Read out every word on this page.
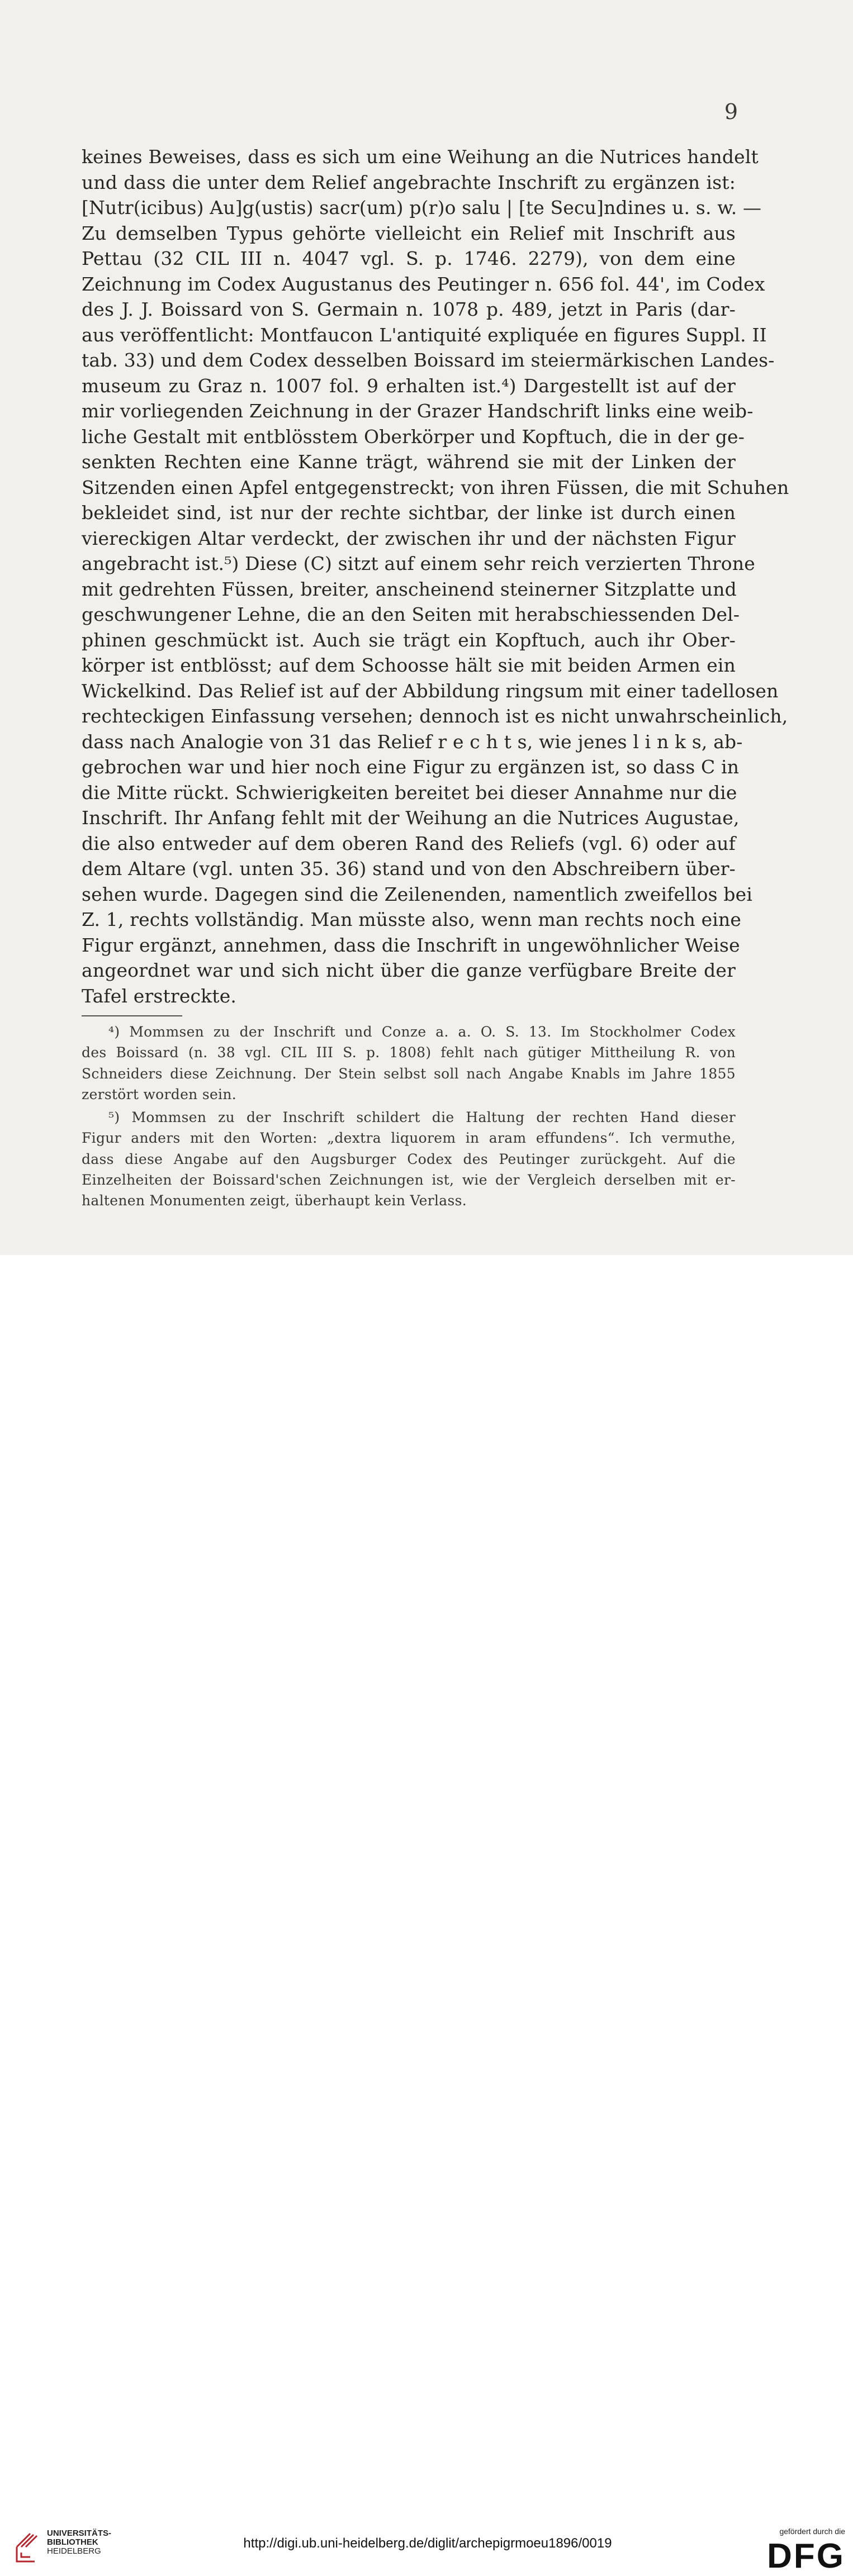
9
keines Beweises, dass es sich um eine Weihung an die Nutrices handelt
und dass die unter dem Relief angebrachte Inschrift zu ergänzen ist:
[Nutr(icibus) Au]g(ustis) sacr(um) p(r)o salu | [te Secu]ndines u. s. w. —
Zu demselben Typus gehörte vielleicht ein Relief mit Inschrift aus
Pettau (32 CIL III n. 4047 vgl. S. p. 1746. 2279), von dem eine
Zeichnung im Codex Augustanus des Peutinger n. 656 fol. 44', im Codex
des J. J. Boissard von S. Germain n. 1078 p. 489, jetzt in Paris (dar-
aus veröffentlicht: Montfaucon L'antiquité expliquée en figures Suppl. II
tab. 33) und dem Codex desselben Boissard im steiermärkischen Landes-
museum zu Graz n. 1007 fol. 9 erhalten ist.⁴) Dargestellt ist auf der
mir vorliegenden Zeichnung in der Grazer Handschrift links eine weib-
liche Gestalt mit entblösstem Oberkörper und Kopftuch, die in der ge-
senkten Rechten eine Kanne trägt, während sie mit der Linken der
Sitzenden einen Apfel entgegenstreckt; von ihren Füssen, die mit Schuhen
bekleidet sind, ist nur der rechte sichtbar, der linke ist durch einen
viereckigen Altar verdeckt, der zwischen ihr und der nächsten Figur
angebracht ist.⁵) Diese (C) sitzt auf einem sehr reich verzierten Throne
mit gedrehten Füssen, breiter, anscheinend steinerner Sitzplatte und
geschwungener Lehne, die an den Seiten mit herabschiessenden Del-
phinen geschmückt ist. Auch sie trägt ein Kopftuch, auch ihr Ober-
körper ist entblösst; auf dem Schoosse hält sie mit beiden Armen ein
Wickelkind. Das Relief ist auf der Abbildung ringsum mit einer tadellosen
rechteckigen Einfassung versehen; dennoch ist es nicht unwahrscheinlich,
dass nach Analogie von 31 das Relief r e c h t s, wie jenes l i n k s, ab-
gebrochen war und hier noch eine Figur zu ergänzen ist, so dass C in
die Mitte rückt. Schwierigkeiten bereitet bei dieser Annahme nur die
Inschrift. Ihr Anfang fehlt mit der Weihung an die Nutrices Augustae,
die also entweder auf dem oberen Rand des Reliefs (vgl. 6) oder auf
dem Altare (vgl. unten 35. 36) stand und von den Abschreibern über-
sehen wurde. Dagegen sind die Zeilenenden, namentlich zweifellos bei
Z. 1, rechts vollständig. Man müsste also, wenn man rechts noch eine
Figur ergänzt, annehmen, dass die Inschrift in ungewöhnlicher Weise
angeordnet war und sich nicht über die ganze verfügbare Breite der
Tafel erstreckte.
⁴) Mommsen zu der Inschrift und Conze a. a. O. S. 13. Im Stockholmer Codex
des Boissard (n. 38 vgl. CIL III S. p. 1808) fehlt nach gütiger Mittheilung R. von
Schneiders diese Zeichnung. Der Stein selbst soll nach Angabe Knabls im Jahre 1855
zerstört worden sein.
⁵) Mommsen zu der Inschrift schildert die Haltung der rechten Hand dieser
Figur anders mit den Worten: „dextra liquorem in aram effundens“. Ich vermuthe,
dass diese Angabe auf den Augsburger Codex des Peutinger zurückgeht. Auf die
Einzelheiten der Boissard'schen Zeichnungen ist, wie der Vergleich derselben mit er-
haltenen Monumenten zeigt, überhaupt kein Verlass.
UNIVERSITÄTS-
BIBLIOTHEK
HEIDELBERG
http://digi.ub.uni-heidelberg.de/diglit/archepigrmoeu1896/0019
gefördert durch die
DFG
